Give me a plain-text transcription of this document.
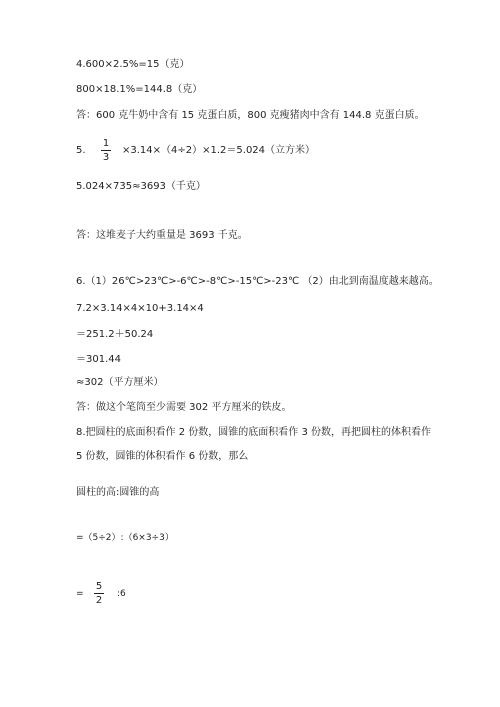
4.600×2.5%=15（克）
800×18.1%=144.8（克）
答：600 克牛奶中含有 15 克蛋白质，800 克瘦猪肉中含有 144.8 克蛋白质。
5.
1
3
×3.14×（4÷2）×1.2＝5.024（立方米）
5.024×735≈3693（千克）
答：这堆麦子大约重量是 3693 千克。
6.（1）26℃>23℃>-6℃>-8℃>-15℃>-23℃ （2）由北到南温度越来越高。
7.2×3.14×4×10+3.14×4
＝251.2＋50.24
＝301.44
≈302（平方厘米）
答：做这个笔筒至少需要 302 平方厘米的铁皮。
8.把圆柱的底面积看作 2 份数，圆锥的底面积看作 3 份数，再把圆柱的体积看作
5 份数，圆锥的体积看作 6 份数，那么
圆柱的高:圆锥的高
=（5÷2）:（6×3÷3）
=
5
2
:6
